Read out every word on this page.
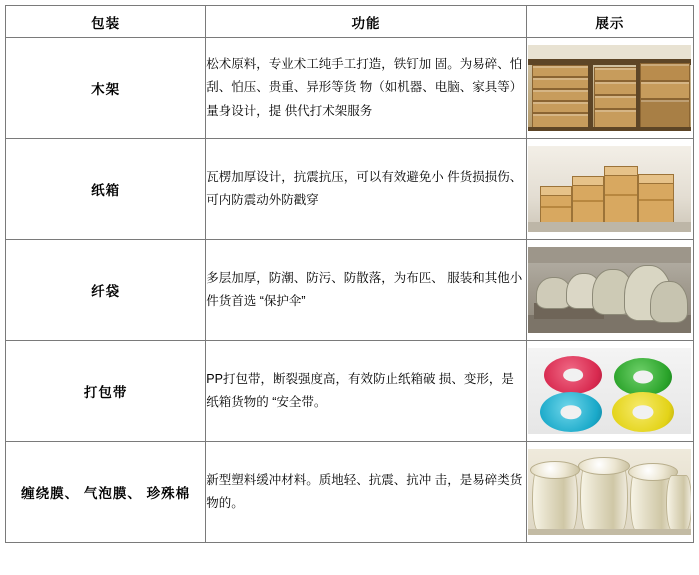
包装	功能	展示
木架	松术原料，专业术工纯手工打造，铁钉加 固。为易碎、怕刮、怕压、贵重、异形等货 物（如机器、电脑、家具等）量身设计，提 供代打术架服务	

纸箱	瓦楞加厚设计，抗震抗压，可以有效避免小 件货损损伤、可内防震动外防戳穿	

纤袋	多层加厚，防潮、防污、防散落，为布匹、 服装和其他小件货首选 “保护伞”	

打包带	PP打包带，断裂强度高，有效防止纸箱破 损、变形，是纸箱货物的 “安全带。	

缠绕膜、 气泡膜、 珍殊棉	新型塑料缓冲材料。质地轻、抗震、抗冲 击，是易碎类货物的。	
